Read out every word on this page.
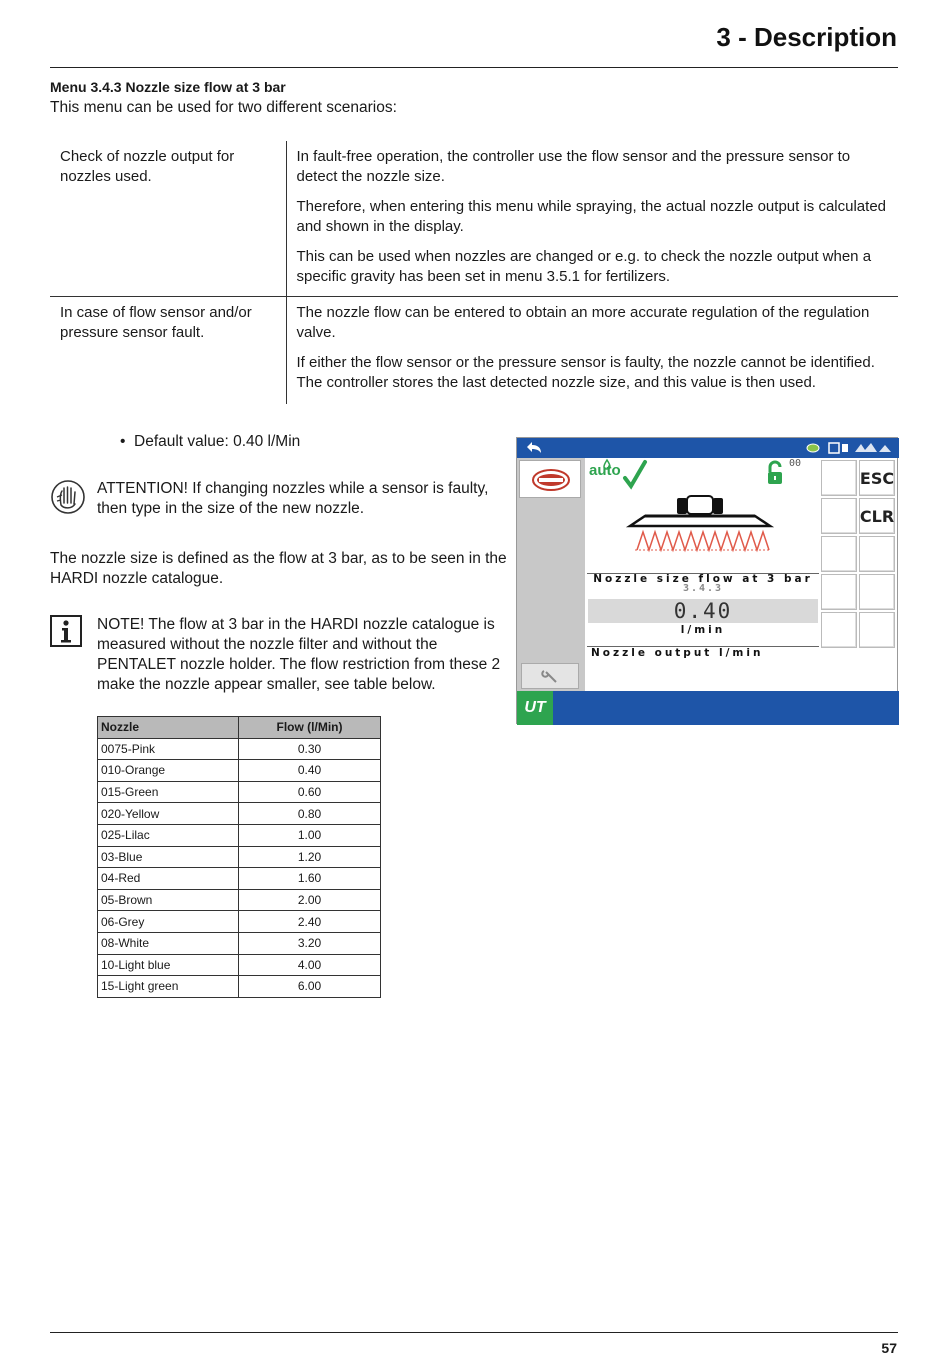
3 - Description
Menu 3.4.3 Nozzle size flow at 3 bar
This menu can be used for two different scenarios:
Check of nozzle output for nozzles used.	In fault-free operation, the controller use the flow sensor and the pressure sensor to detect the nozzle size.

Therefore, when entering this menu while spraying, the actual nozzle output is calculated and shown in the display.

This can be used when nozzles are changed or e.g. to check the nozzle output when a specific gravity has been set in menu 3.5.1 for fertilizers.

In case of flow sensor and/or pressure sensor fault.	The nozzle flow can be entered to obtain an more accurate regulation of the regulation valve.

If either the flow sensor or the pressure sensor is faulty, the nozzle cannot be identified. The controller stores the last detected nozzle size, and this value is then used.

• Default value: 0.40 l/Min
ATTENTION! If changing nozzles while a sensor is faulty, then type in the size of the new nozzle.
The nozzle size is defined as the flow at 3 bar, as to be seen in the HARDI nozzle catalogue.
NOTE! The flow at 3 bar in the HARDI nozzle catalogue is measured without the nozzle filter and without the PENTALET nozzle holder. The flow restriction from these 2 make the nozzle appear smaller, see table below.
Nozzle	Flow (l/Min)
0075-Pink	0.30
010-Orange	0.40
015-Green	0.60
020-Yellow	0.80
025-Lilac	1.00
03-Blue	1.20
04-Red	1.60
05-Brown	2.00
06-Grey	2.40
08-White	3.20
10-Light blue	4.00
15-Light green	6.00
auto	00
Nozzle size flow at 3 bar
3.4.3
0.40
l/min
Nozzle output l/min
ESC
CLR
UT
57
